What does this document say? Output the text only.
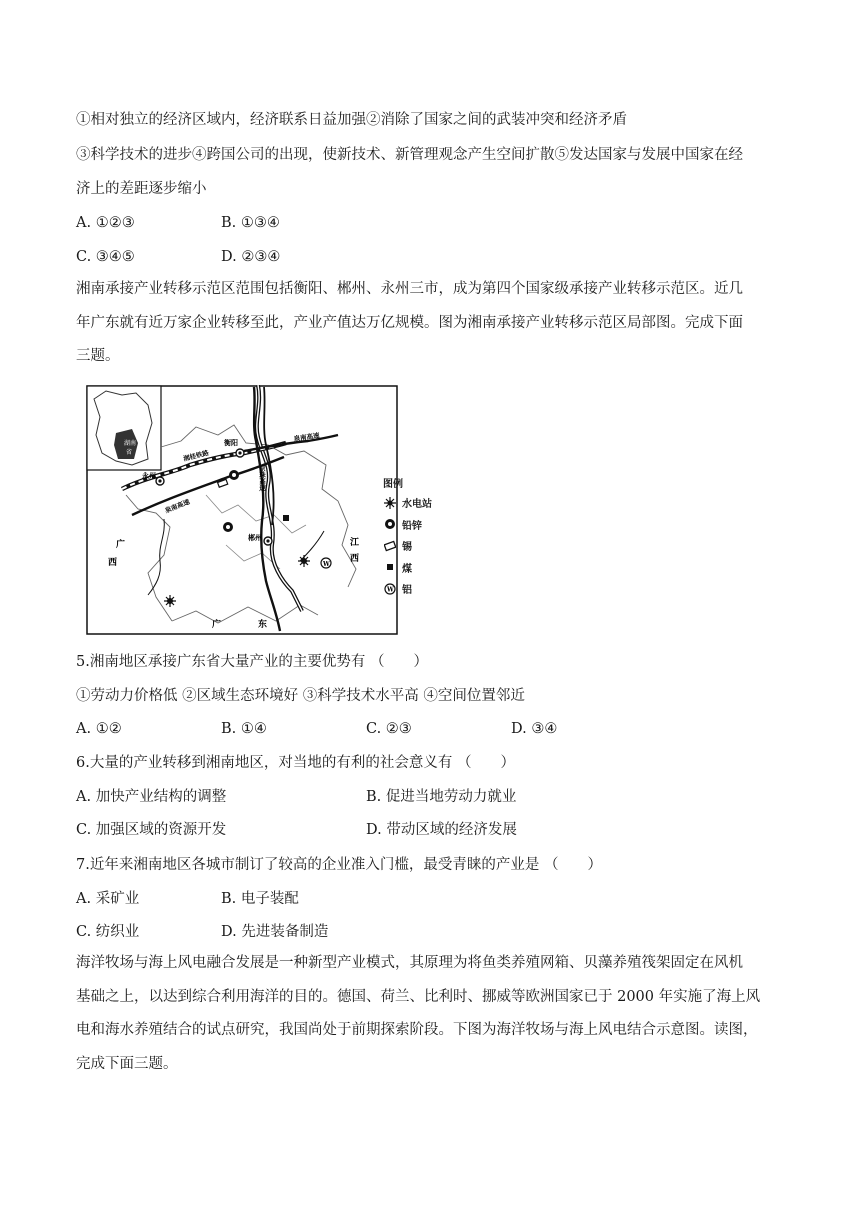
①相对独立的经济区域内，经济联系日益加强②消除了国家之间的武装冲突和经济矛盾
③科学技术的进步④跨国公司的出现，使新技术、新管理观念产生空间扩散⑤发达国家与发展中国家在经
济上的差距逐步缩小
A. ①②③	B. ①③④
C. ③④⑤	D. ②③④
湘南承接产业转移示范区范围包括衡阳、郴州、永州三市，成为第四个国家级承接产业转移示范区。近几
年广东就有近万家企业转移至此，产业产值达万亿规模。图为湘南承接产业转移示范区局部图。完成下面
三题。
湖南
省
衡阳
永州
郴州
湘桂铁路
泉南高速
京珠高速
泉南高速
广
西
江
西
广	东
W
图例
水电站
铅锌
锡
煤
W 铝
5.湘南地区承接广东省大量产业的主要优势有 （　　）
①劳动力价格低 ②区域生态环境好 ③科学技术水平高 ④空间位置邻近
A. ①②	B. ①④	C. ②③	D. ③④
6.大量的产业转移到湘南地区，对当地的有利的社会意义有 （　　）
A. 加快产业结构的调整	B. 促进当地劳动力就业
C. 加强区域的资源开发	D. 带动区域的经济发展
7.近年来湘南地区各城市制订了较高的企业准入门槛，最受青睐的产业是 （　　）
A. 采矿业	B. 电子装配
C. 纺织业	D. 先进装备制造
海洋牧场与海上风电融合发展是一种新型产业模式，其原理为将鱼类养殖网箱、贝藻养殖筏架固定在风机
基础之上，以达到综合利用海洋的目的。德国、荷兰、比利时、挪威等欧洲国家已于 2000 年实施了海上风
电和海水养殖结合的试点研究，我国尚处于前期探索阶段。下图为海洋牧场与海上风电结合示意图。读图，
完成下面三题。
